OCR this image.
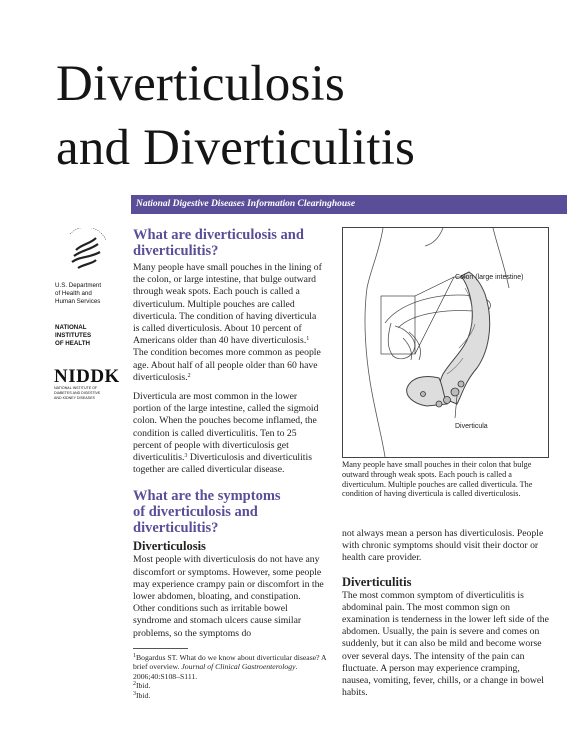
Diverticulosis
and Diverticulitis
National Digestive Diseases Information Clearinghouse
U.S. Department
of Health and
Human Services
NATIONAL
INSTITUTES
OF HEALTH
NIDDK
NATIONAL INSTITUTE OF
DIABETES AND DIGESTIVE
AND KIDNEY DISEASES
What are diverticulosis and
diverticulitis?

Many people have small pouches in the lining of the colon, or large intestine, that bulge outward through weak spots. Each pouch is called a diverticulum. Multiple pouches are called diverticula. The condition of having diverticula is called diverticulosis. About 10 percent of Americans older than 40 have diverticulosis.$^1$ The condition becomes more common as people age. About half of all people older than 60 have diverticulosis.$^2$

Diverticula are most common in the lower portion of the large intestine, called the sigmoid colon. When the pouches become inflamed, the condition is called diverticulitis. Ten to 25 percent of people with diverticulosis get diverticulitis.$^3$ Diverticulosis and diverticulitis together are called diverticular disease.

What are the symptoms
of diverticulosis and
diverticulitis?
Diverticulosis

Most people with diverticulosis do not have any discomfort or symptoms. However, some people may experience crampy pain or discomfort in the lower abdomen, bloating, and constipation. Other conditions such as irritable bowel syndrome and stomach ulcers cause similar problems, so the symptoms do

Colon (large intestine)
Diverticula
Many people have small pouches in their colon that bulge outward through weak spots. Each pouch is called a diverticulum. Multiple pouches are called diverticula. The condition of having diverticula is called diverticulosis.

not always mean a person has diverticulosis. People with chronic symptoms should visit their doctor or health care provider.

Diverticulitis

The most common symptom of diverticulitis is abdominal pain. The most common sign on examination is tenderness in the lower left side of the abdomen. Usually, the pain is severe and comes on suddenly, but it can also be mild and become worse over several days. The intensity of the pain can fluctuate. A person may experience cramping, nausea, vomiting, fever, chills, or a change in bowel habits.

$^1$Bogardus ST. What do we know about diverticular disease? A brief overview. Journal of Clinical Gastroenterology. 2006;40:S108–S111.
$^2$Ibid.
$^3$Ibid.
